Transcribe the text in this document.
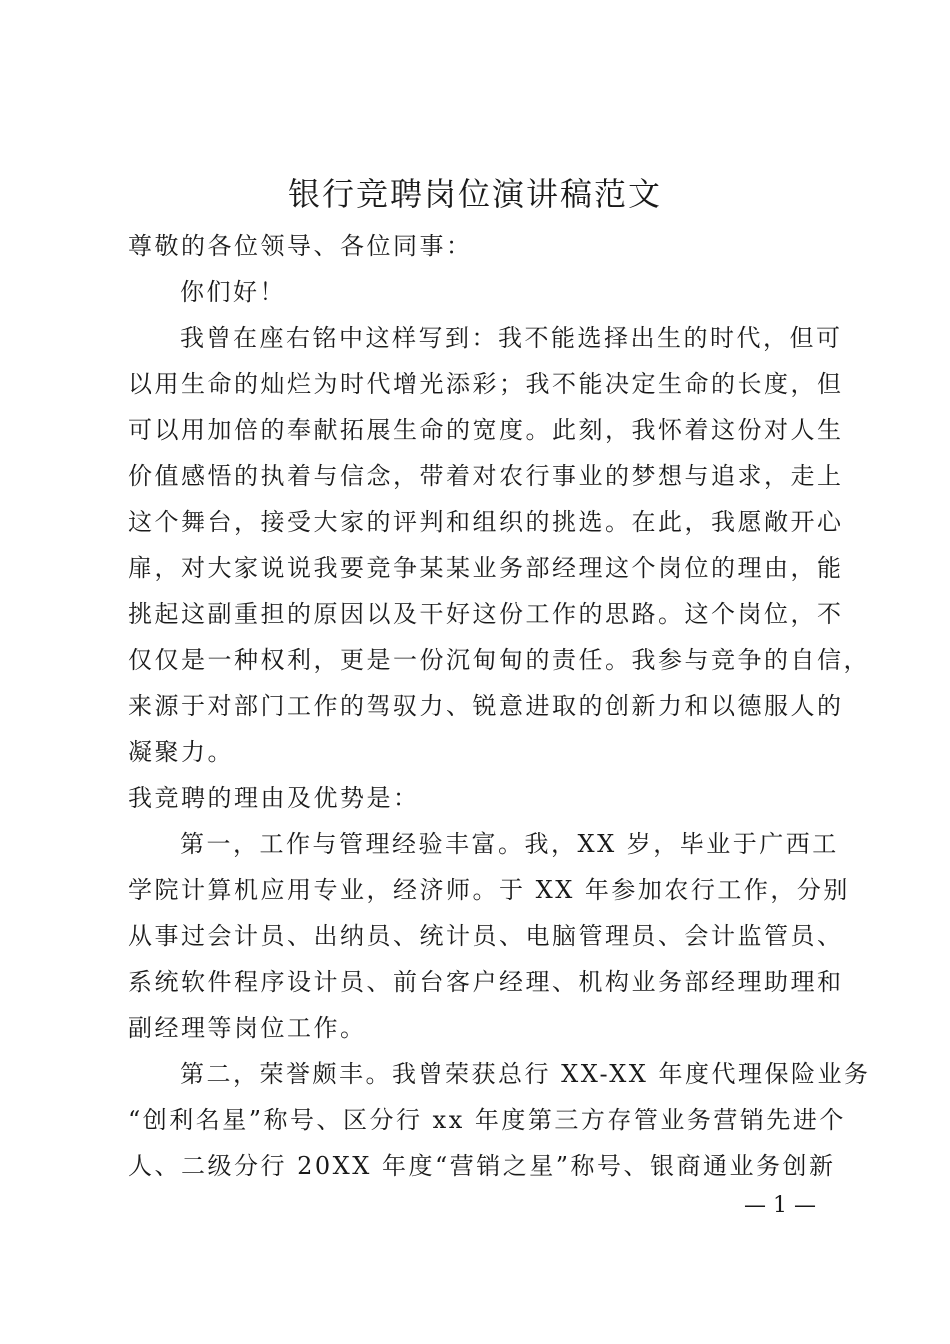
银行竞聘岗位演讲稿范文
尊敬的各位领导、各位同事：
你们好！
我曾在座右铭中这样写到：我不能选择出生的时代，但可
以用生命的灿烂为时代增光添彩；我不能决定生命的长度，但
可以用加倍的奉献拓展生命的宽度。此刻，我怀着这份对人生
价值感悟的执着与信念，带着对农行事业的梦想与追求，走上
这个舞台，接受大家的评判和组织的挑选。在此，我愿敞开心
扉，对大家说说我要竞争某某业务部经理这个岗位的理由，能
挑起这副重担的原因以及干好这份工作的思路。这个岗位，不
仅仅是一种权利，更是一份沉甸甸的责任。我参与竞争的自信，
来源于对部门工作的驾驭力、锐意进取的创新力和以德服人的
凝聚力。
我竞聘的理由及优势是：
第一，工作与管理经验丰富。我，XX 岁，毕业于广西工
学院计算机应用专业，经济师。于 XX 年参加农行工作，分别
从事过会计员、出纳员、统计员、电脑管理员、会计监管员、
系统软件程序设计员、前台客户经理、机构业务部经理助理和
副经理等岗位工作。
第二，荣誉颇丰。我曾荣获总行 XX-XX 年度代理保险业务
“创利名星”称号、区分行 xx 年度第三方存管业务营销先进个
人、二级分行 20XX 年度“营销之星”称号、银商通业务创新
— 1 —
